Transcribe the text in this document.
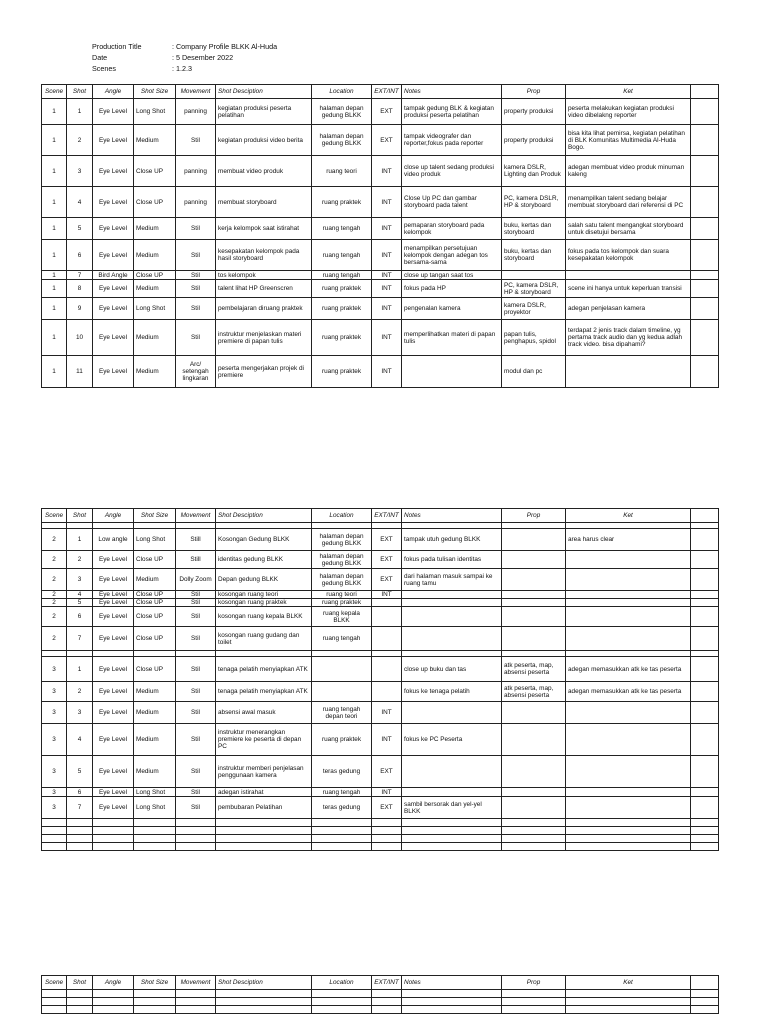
Production Title	: Company Profile BLKK Al-Huda
Date	: 5 Desember 2022
Scenes	: 1.2.3
Scene	Shot	Angle	Shot Size	Movement	Shot Desciption	Location	EXT/INT	Notes	Prop	Ket	
1	1	Eye Level	Long Shot	panning	kegiatan produksi peserta pelatihan	halaman depan gedung BLKK	EXT	tampak gedung BLK & kegiatan produksi peserta pelatihan	property produksi	peserta melakukan kegiatan produksi video dibelakng reporter	
1	2	Eye Level	Medium	Stil	kegiatan produksi video berita	halaman depan gedung BLKK	EXT	tampak videografer dan reporter,fokus pada reporter	property produksi	bisa kita lihat pemirsa, kegiatan pelatihan di BLK Komunitas Multimedia Al-Huda Bogo.	
1	3	Eye Level	Close UP	panning	membuat video produk	ruang teori	INT	close up talent sedang produksi video produk	kamera DSLR, Lighting dan Produk	adegan membuat video produk minuman kaleng	
1	4	Eye Level	Close UP	panning	membuat storyboard	ruang praktek	INT	Close Up PC dan gambar storyboard pada talent	PC, kamera DSLR, HP & storyboard	menampilkan talent sedang belajar membuat storyboard dari referensi di PC	
1	5	Eye Level	Medium	Stil	kerja kelompok saat istirahat	ruang tengah	INT	pemaparan storyboard pada kelompok	buku, kertas dan storyboard	salah satu talent mengangkat storyboard untuk disetujui bersama	
1	6	Eye Level	Medium	Stil	kesepakatan kelompok pada hasil storyboard	ruang tengah	INT	menampilkan persetujuan kelompok dengan adegan tos bersama-sama	buku, kertas dan storyboard	fokus pada tos kelompok dan suara kesepakatan kelompok	
1	7	Bird Angle	Close UP	Stil	tos kelompok	ruang tengah	INT	close up tangan saat tos			
1	8	Eye Level	Medium	Stil	talent lihat HP Greenscren	ruang praktek	INT	fokus pada HP	PC, kamera DSLR, HP & storyboard	scene ini hanya untuk keperluan transisi	
1	9	Eye Level	Long Shot	Stil	pembelajaran diruang praktek	ruang praktek	INT	pengenalan kamera	kamera DSLR, proyektor	adegan penjelasan kamera	
1	10	Eye Level	Medium	Stil	instruktur menjelaskan materi premiere di papan tulis	ruang praktek	INT	memperlihatkan materi di papan tulis	papan tulis, penghapus, spidol	terdapat 2 jenis track dalam timeline, yg pertama track audio dan yg kedua adlah track video. bisa dipahami?	
1	11	Eye Level	Medium	Arc/ setengah lingkaran	peserta mengerjakan projek di premiere	ruang praktek	INT		modul dan pc		
Scene	Shot	Angle	Shot Size	Movement	Shot Desciption	Location	EXT/INT	Notes	Prop	Ket	

2	1	Low angle	Long Shot	Still	Kosongan Gedung BLKK	halaman depan gedung BLKK	EXT	tampak utuh gedung BLKK		area harus clear	
2	2	Eye Level	Close UP	Still	identitas gedung BLKK	halaman depan gedung BLKK	EXT	fokus pada tulisan identitas			
2	3	Eye Level	Medium	Dolly Zoom	Depan gedung BLKK	halaman depan gedung BLKK	EXT	dari halaman masuk sampai ke ruang tamu			
2	4	Eye Level	Close UP	Stil	kosongan ruang teori	ruang teori	INT				
2	5	Eye Level	Close UP	Stil	kosongan ruang praktek	ruang praktek					
2	6	Eye Level	Close UP	Stil	kosongan ruang kepala BLKK	ruang kepala BLKK					
2	7	Eye Level	Close UP	Stil	kosongan ruang gudang dan toilet	ruang tengah					

3	1	Eye Level	Close UP	Stil	tenaga pelatih menyiapkan ATK			close up buku dan tas	atk peserta, map, absensi peserta	adegan memasukkan atk ke tas peserta	
3	2	Eye Level	Medium	Stil	tenaga pelatih menyiapkan ATK			fokus ke tenaga pelatih	atk peserta, map, absensi peserta	adegan memasukkan atk ke tas peserta	
3	3	Eye Level	Medium	Stil	absensi awal masuk	ruang tengah depan teori	INT				
3	4	Eye Level	Medium	Stil	instruktur menerangkan premiere ke peserta di depan PC	ruang praktek	INT	fokus ke PC Peserta			
3	5	Eye Level	Medium	Stil	instruktur memberi penjelasan penggunaan kamera	teras gedung	EXT				
3	6	Eye Level	Long Shot	Stil	adegan istirahat	ruang tengah	INT				
3	7	Eye Level	Long Shot	Stil	pembubaran Pelatihan	teras gedung	EXT	sambil bersorak dan yel-yel BLKK			

Scene	Shot	Angle	Shot Size	Movement	Shot Desciption	Location	EXT/INT	Notes	Prop	Ket	
